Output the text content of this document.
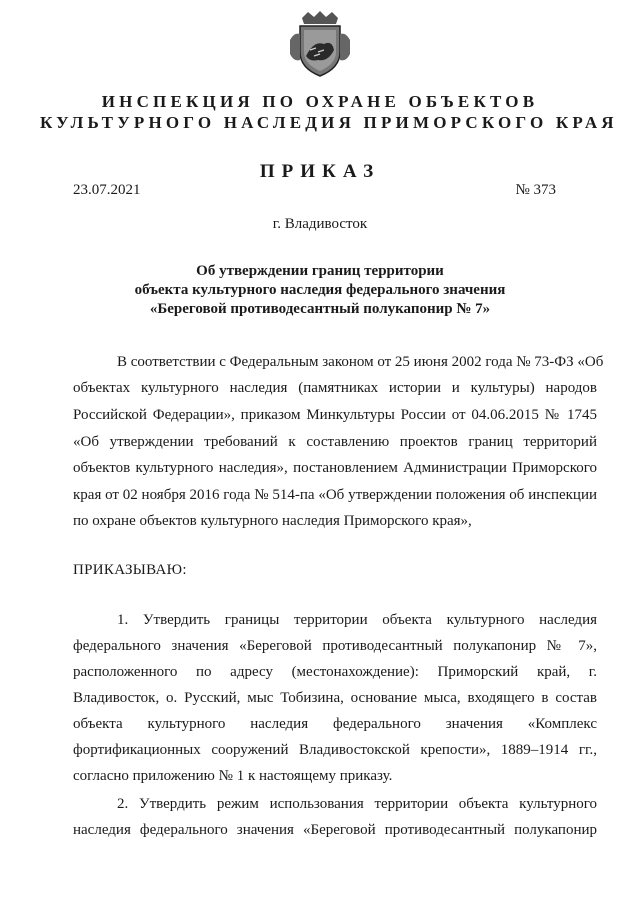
ИНСПЕКЦИЯ ПО ОХРАНЕ ОБЪЕКТОВ
КУЛЬТУРНОГО НАСЛЕДИЯ ПРИМОРСКОГО КРАЯ
ПРИКАЗ
23.07.2021	№ 373
г. Владивосток
Об утверждении границ территории
объекта культурного наследия федерального значения
«Береговой противодесантный полукапонир № 7»
В соответствии с Федеральным законом от 25 июня 2002 года № 73-ФЗ «Об
объектах культурного наследия (памятниках истории и культуры) народов
Российской Федерации», приказом Минкультуры России от 04.06.2015 № 1745
«Об утверждении требований к составлению проектов границ территорий
объектов культурного наследия», постановлением Администрации Приморского
края от 02 ноября 2016 года № 514-па «Об утверждении положения об инспекции
по охране объектов культурного наследия Приморского края»,
ПРИКАЗЫВАЮ:
1. Утвердить границы территории объекта культурного наследия
федерального значения «Береговой противодесантный полукапонир № 7»,
расположенного по адресу (местонахождение): Приморский край, г.
Владивосток, о. Русский, мыс Тобизина, основание мыса, входящего в состав
объекта культурного наследия федерального значения «Комплекс
фортификационных сооружений Владивостокской крепости», 1889–1914 гг.,
согласно приложению № 1 к настоящему приказу.
2. Утвердить режим использования территории объекта культурного
наследия федерального значения «Береговой противодесантный полукапонир
